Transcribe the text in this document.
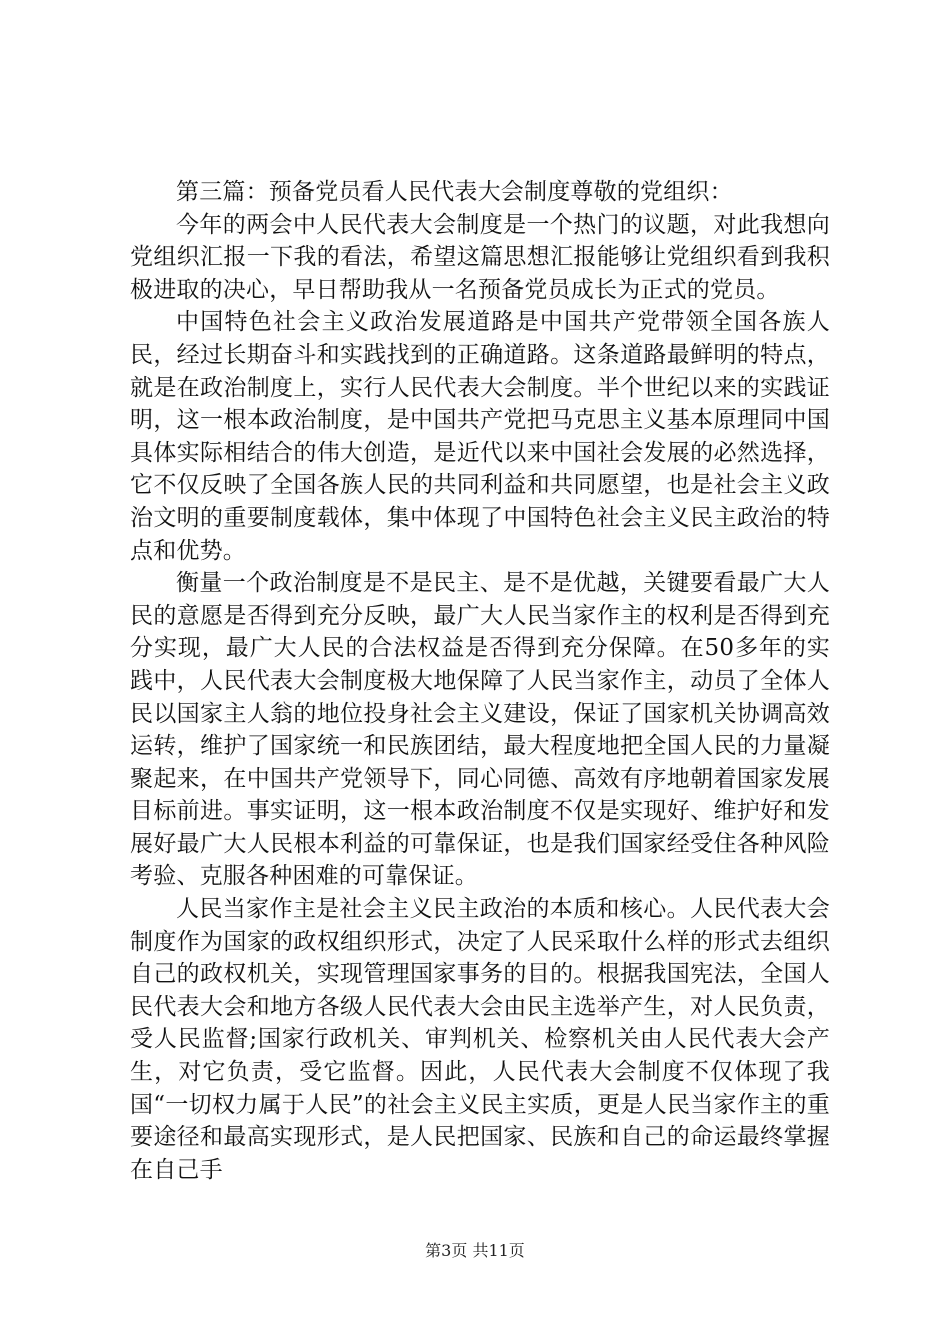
第三篇：预备党员看人民代表大会制度尊敬的党组织：

今年的两会中人民代表大会制度是一个热门的议题，对此我想向党组织汇报一下我的看法，希望这篇思想汇报能够让党组织看到我积极进取的决心，早日帮助我从一名预备党员成长为正式的党员。

中国特色社会主义政治发展道路是中国共产党带领全国各族人民，经过长期奋斗和实践找到的正确道路。这条道路最鲜明的特点，就是在政治制度上，实行人民代表大会制度。半个世纪以来的实践证明，这一根本政治制度，是中国共产党把马克思主义基本原理同中国具体实际相结合的伟大创造，是近代以来中国社会发展的必然选择，它不仅反映了全国各族人民的共同利益和共同愿望，也是社会主义政治文明的重要制度载体，集中体现了中国特色社会主义民主政治的特点和优势。

衡量一个政治制度是不是民主、是不是优越，关键要看最广大人民的意愿是否得到充分反映，最广大人民当家作主的权利是否得到充分实现，最广大人民的合法权益是否得到充分保障。在50多年的实践中，人民代表大会制度极大地保障了人民当家作主，动员了全体人民以国家主人翁的地位投身社会主义建设，保证了国家机关协调高效运转，维护了国家统一和民族团结，最大程度地把全国人民的力量凝聚起来，在中国共产党领导下，同心同德、高效有序地朝着国家发展目标前进。事实证明，这一根本政治制度不仅是实现好、维护好和发展好最广大人民根本利益的可靠保证，也是我们国家经受住各种风险考验、克服各种困难的可靠保证。

人民当家作主是社会主义民主政治的本质和核心。人民代表大会制度作为国家的政权组织形式，决定了人民采取什么样的形式去组织自己的政权机关，实现管理国家事务的目的。根据我国宪法，全国人民代表大会和地方各级人民代表大会由民主选举产生，对人民负责，受人民监督;国家行政机关、审判机关、检察机关由人民代表大会产生，对它负责，受它监督。因此，人民代表大会制度不仅体现了我国“一切权力属于人民”的社会主义民主实质，更是人民当家作主的重要途径和最高实现形式，是人民把国家、民族和自己的命运最终掌握在自己手

第3页 共11页
